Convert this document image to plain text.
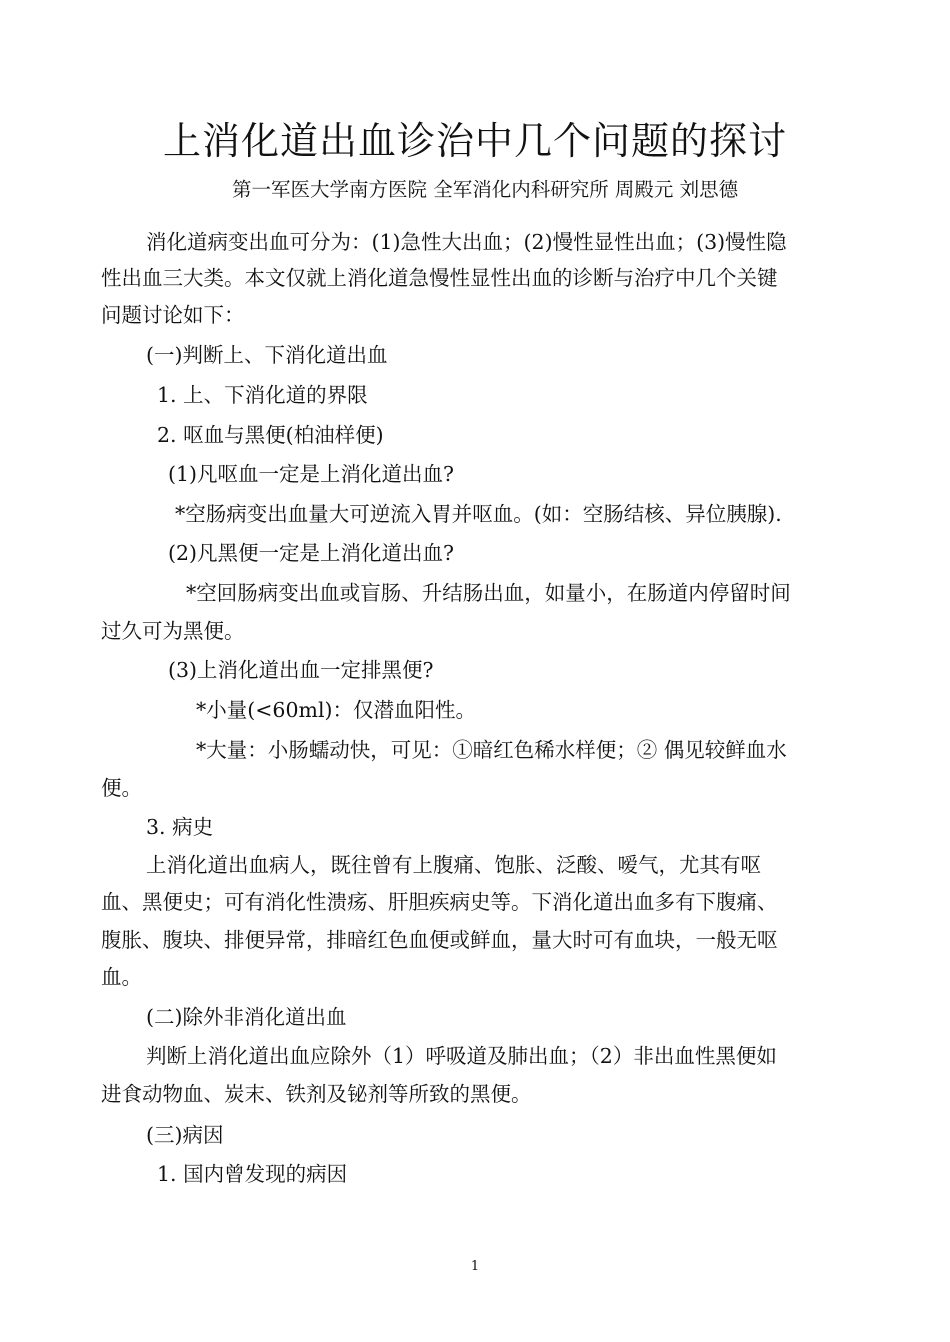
上消化道出血诊治中几个问题的探讨
第一军医大学南方医院 全军消化内科研究所 周殿元 刘思德
消化道病变出血可分为：(1)急性大出血；(2)慢性显性出血；(3)慢性隐
性出血三大类。本文仅就上消化道急慢性显性出血的诊断与治疗中几个关键
问题讨论如下：
(一)判断上、下消化道出血
1. 上、下消化道的界限
2. 呕血与黑便(柏油样便)
(1)凡呕血一定是上消化道出血?
*空肠病变出血量大可逆流入胃并呕血。(如：空肠结核、异位胰腺).
(2)凡黑便一定是上消化道出血?
*空回肠病变出血或盲肠、升结肠出血，如量小，在肠道内停留时间
过久可为黑便。
(3)上消化道出血一定排黑便?
*小量(<60ml)：仅潜血阳性。
*大量：小肠蠕动快，可见：①暗红色稀水样便；② 偶见较鲜血水
便。
3. 病史
上消化道出血病人，既往曾有上腹痛、饱胀、泛酸、嗳气，尤其有呕
血、黑便史；可有消化性溃疡、肝胆疾病史等。下消化道出血多有下腹痛、
腹胀、腹块、排便异常，排暗红色血便或鲜血，量大时可有血块，一般无呕
血。
(二)除外非消化道出血
判断上消化道出血应除外（1）呼吸道及肺出血；（2）非出血性黑便如
进食动物血、炭末、铁剂及铋剂等所致的黑便。
(三)病因
1. 国内曾发现的病因
1
